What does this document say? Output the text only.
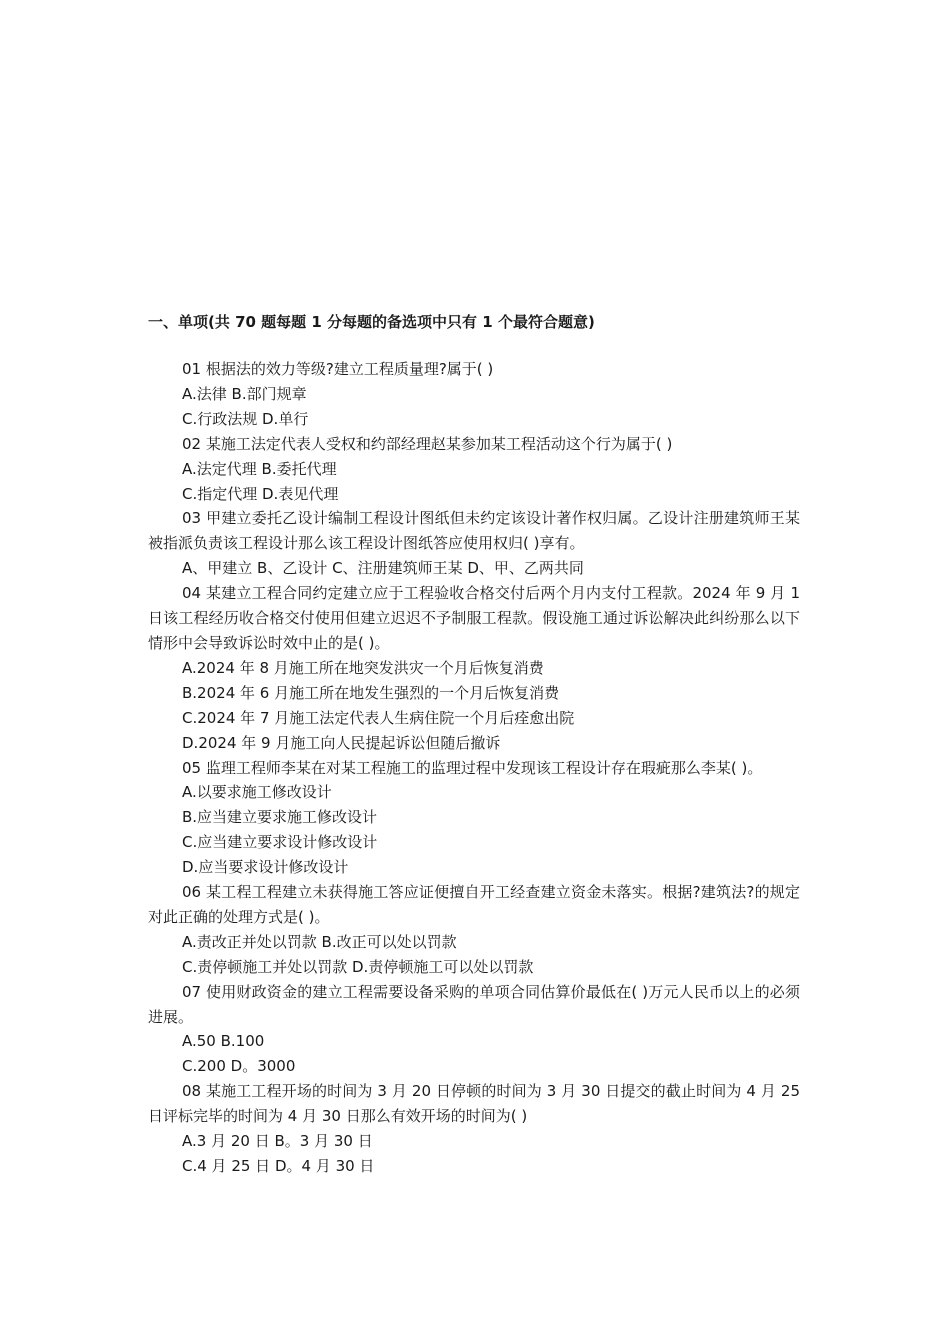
一、单项(共 70 题每题 1 分每题的备选项中只有 1 个最符合题意)

01 根据法的效力等级?建立工程质量理?属于( )

A.法律 B.部门规章

C.行政法规 D.单行

02 某施工法定代表人受权和约部经理赵某参加某工程活动这个行为属于( )

A.法定代理 B.委托代理

C.指定代理 D.表见代理

03 甲建立委托乙设计编制工程设计图纸但未约定该设计著作权归属。乙设计注册建筑师王某被指派负责该工程设计那么该工程设计图纸答应使用权归( )享有。

A、甲建立 B、乙设计 C、注册建筑师王某 D、甲、乙两共同

04 某建立工程合同约定建立应于工程验收合格交付后两个月内支付工程款。2024 年 9 月 1 日该工程经历收合格交付使用但建立迟迟不予制服工程款。假设施工通过诉讼解决此纠纷那么以下情形中会导致诉讼时效中止的是( )。

A.2024 年 8 月施工所在地突发洪灾一个月后恢复消费

B.2024 年 6 月施工所在地发生强烈的一个月后恢复消费

C.2024 年 7 月施工法定代表人生病住院一个月后痊愈出院

D.2024 年 9 月施工向人民提起诉讼但随后撤诉

05 监理工程师李某在对某工程施工的监理过程中发现该工程设计存在瑕疵那么李某( )。

A.以要求施工修改设计

B.应当建立要求施工修改设计

C.应当建立要求设计修改设计

D.应当要求设计修改设计

06 某工程工程建立未获得施工答应证便擅自开工经查建立资金未落实。根据?建筑法?的规定对此正确的处理方式是( )。

A.责改正并处以罚款 B.改正可以处以罚款

C.责停顿施工并处以罚款 D.责停顿施工可以处以罚款

07 使用财政资金的建立工程需要设备采购的单项合同估算价最低在( )万元人民币以上的必须进展。

A.50 B.100

C.200 D。3000

08 某施工工程开场的时间为 3 月 20 日停顿的时间为 3 月 30 日提交的截止时间为 4 月 25 日评标完毕的时间为 4 月 30 日那么有效开场的时间为( )

A.3 月 20 日 B。3 月 30 日

C.4 月 25 日 D。4 月 30 日
